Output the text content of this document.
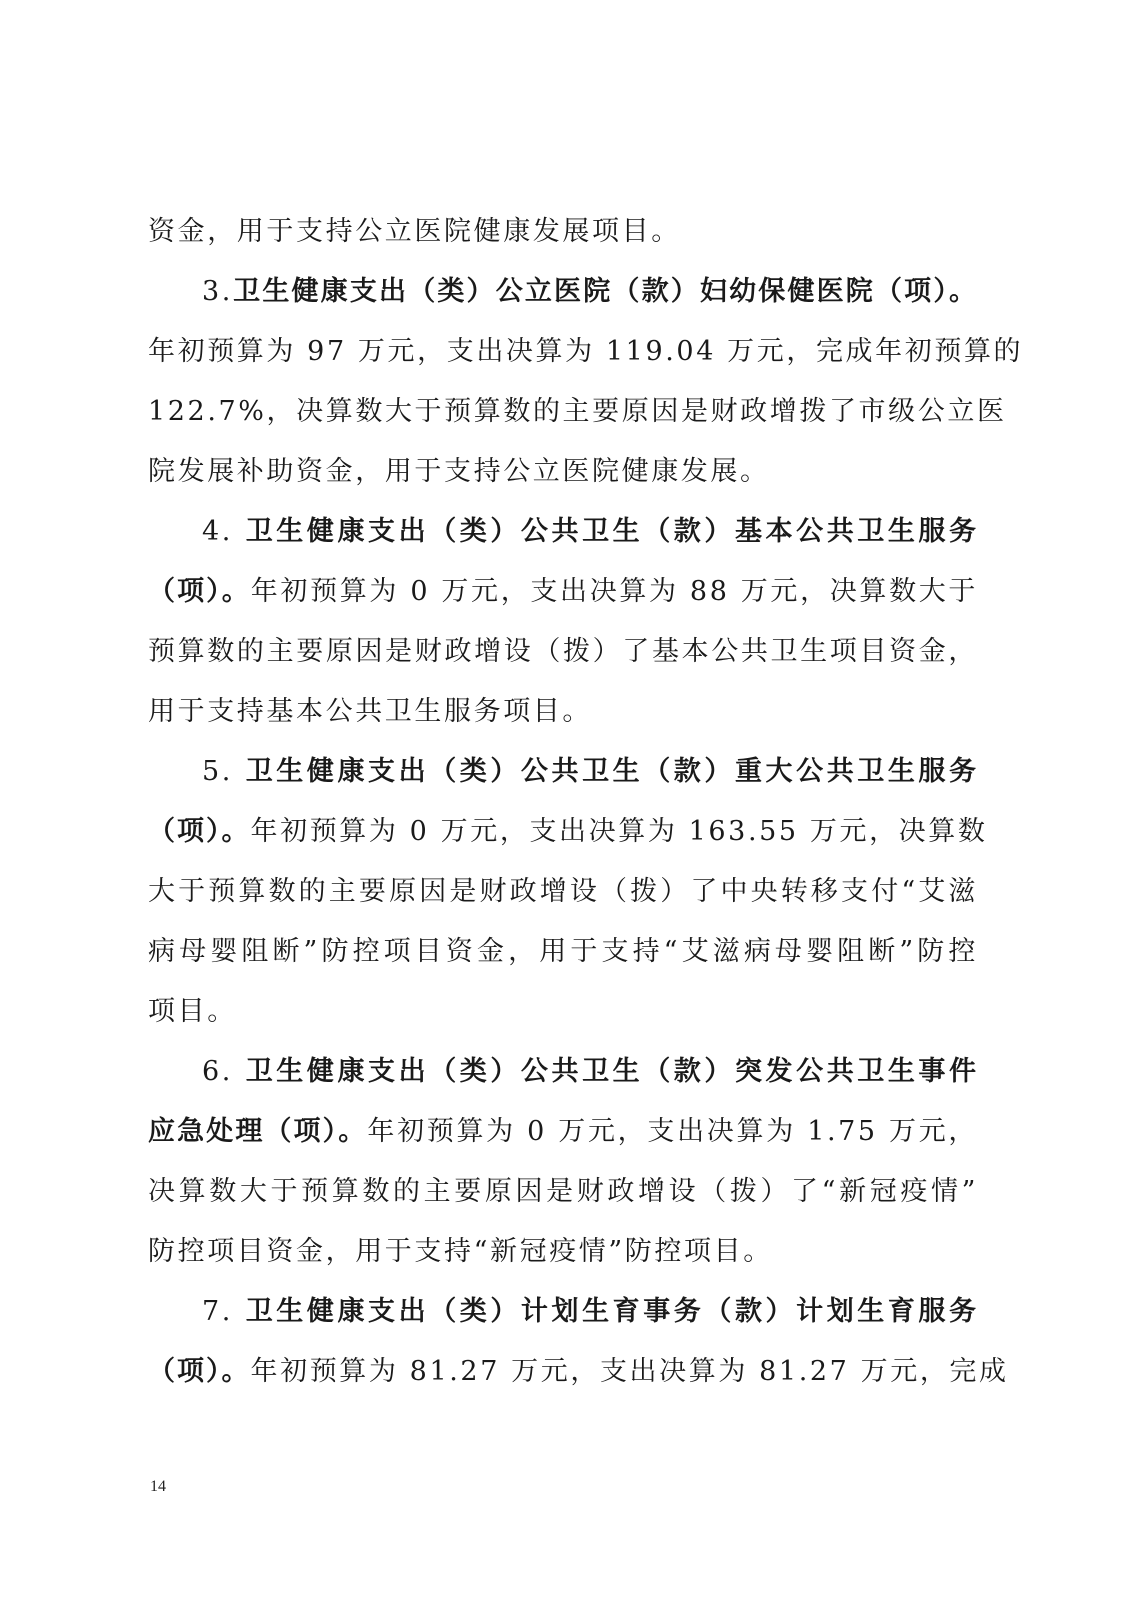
资金，用于支持公立医院健康发展项目。
3.卫生健康支出（类）公立医院（款）妇幼保健医院（项）。
年初预算为 97 万元，支出决算为 119.04 万元，完成年初预算的
122.7%，决算数大于预算数的主要原因是财政增拨了市级公立医
院发展补助资金，用于支持公立医院健康发展。
4. 卫生健康支出（类）公共卫生（款）基本公共卫生服务
（项）。年初预算为 0 万元，支出决算为 88 万元，决算数大于
预算数的主要原因是财政增设（拨）了基本公共卫生项目资金，
用于支持基本公共卫生服务项目。
5. 卫生健康支出（类）公共卫生（款）重大公共卫生服务
（项）。年初预算为 0 万元，支出决算为 163.55 万元，决算数
大于预算数的主要原因是财政增设（拨）了中央转移支付“艾滋
病母婴阻断”防控项目资金，用于支持“艾滋病母婴阻断”防控
项目。
6. 卫生健康支出（类）公共卫生（款）突发公共卫生事件
应急处理（项）。年初预算为 0 万元，支出决算为 1.75 万元，
决算数大于预算数的主要原因是财政增设（拨）了“新冠疫情”
防控项目资金，用于支持“新冠疫情”防控项目。
7. 卫生健康支出（类）计划生育事务（款）计划生育服务
（项）。年初预算为 81.27 万元，支出决算为 81.27 万元，完成
14
